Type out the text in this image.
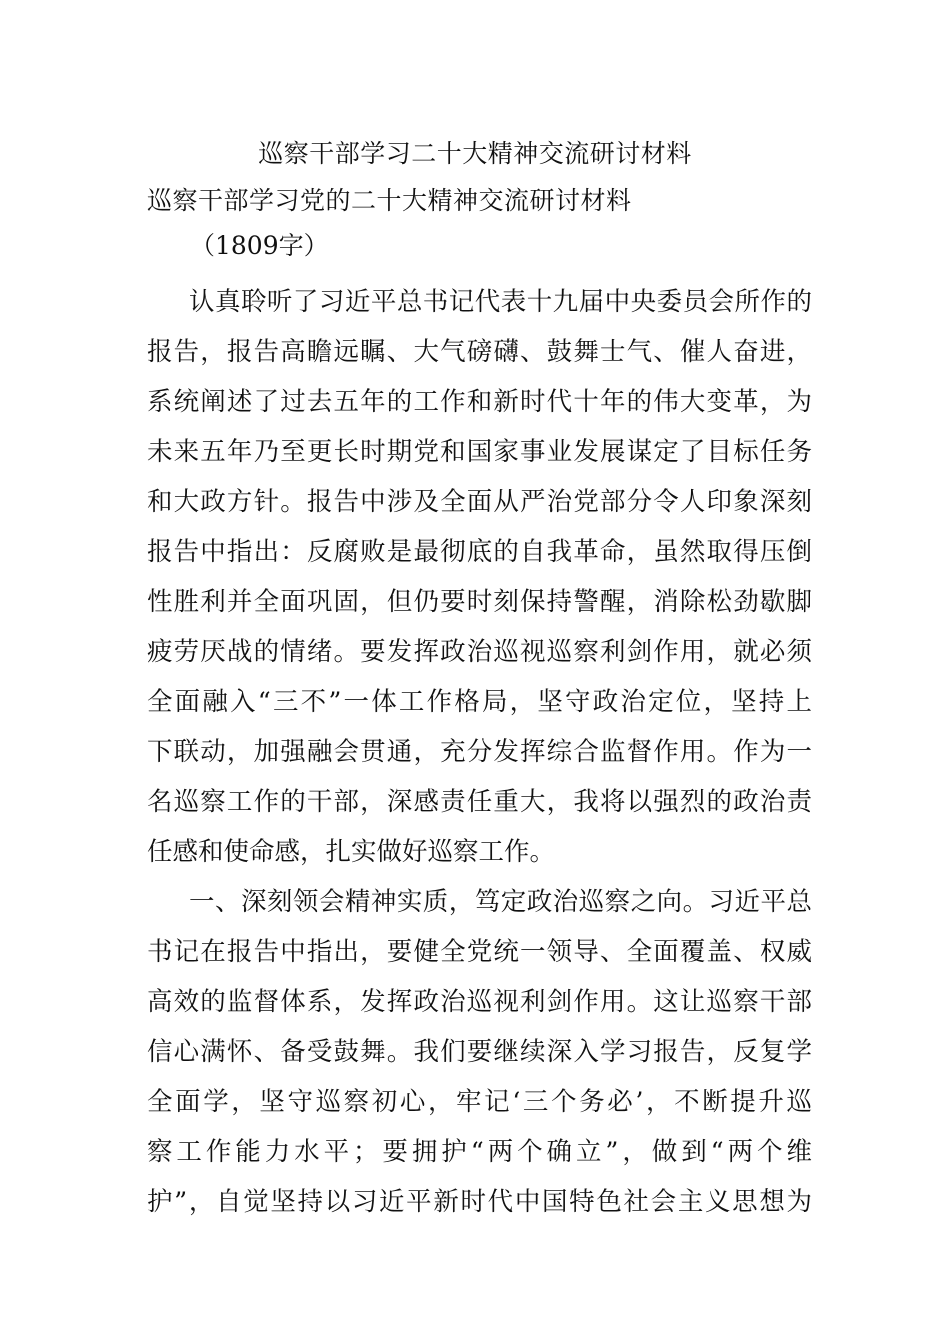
巡察干部学习二十大精神交流研讨材料
巡察干部学习党的二十大精神交流研讨材料
（1809字）
认真聆听了习近平总书记代表十九届中央委员会所作的
报告，报告高瞻远瞩、大气磅礴、鼓舞士气、催人奋进，
系统阐述了过去五年的工作和新时代十年的伟大变革，为
未来五年乃至更长时期党和国家事业发展谋定了目标任务
和大政方针。报告中涉及全面从严治党部分令人印象深刻
报告中指出：反腐败是最彻底的自我革命，虽然取得压倒
性胜利并全面巩固，但仍要时刻保持警醒，消除松劲歇脚
疲劳厌战的情绪。要发挥政治巡视巡察利剑作用，就必须
全面融入“三不”一体工作格局，坚守政治定位，坚持上
下联动，加强融会贯通，充分发挥综合监督作用。作为一
名巡察工作的干部，深感责任重大，我将以强烈的政治责
任感和使命感，扎实做好巡察工作。
一、深刻领会精神实质，笃定政治巡察之向。习近平总
书记在报告中指出，要健全党统一领导、全面覆盖、权威
高效的监督体系，发挥政治巡视利剑作用。这让巡察干部
信心满怀、备受鼓舞。我们要继续深入学习报告，反复学
全面学，坚守巡察初心，牢记‘三个务必’，不断提升巡
察工作能力水平；要拥护“两个确立”，做到“两个维
护”，自觉坚持以习近平新时代中国特色社会主义思想为
